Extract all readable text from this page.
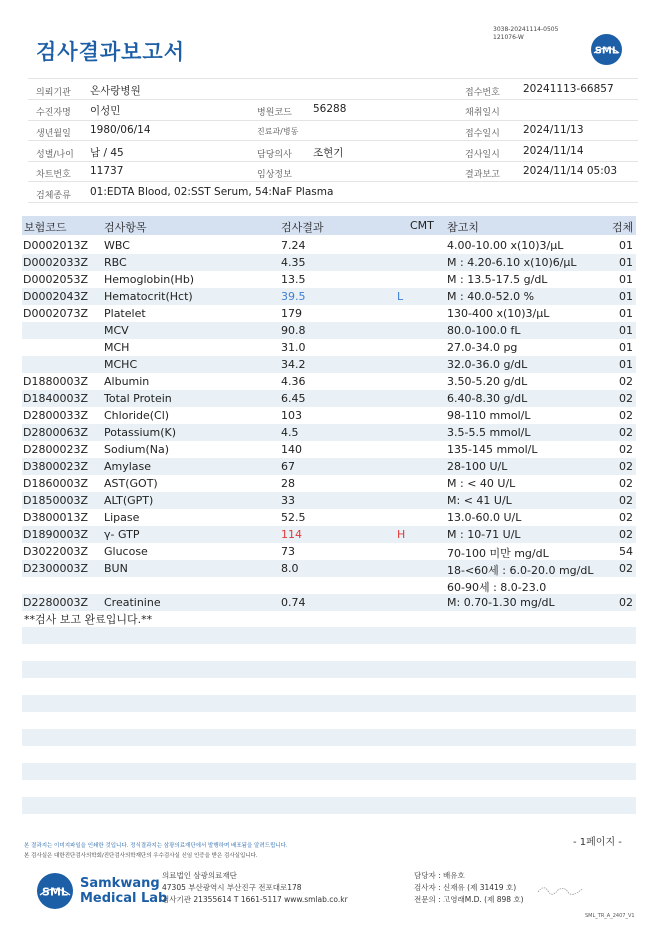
검사결과보고서
3038-20241114-0505
121076-W
SML
의뢰기관 온사랑병원	접수번호 20241113-66857
수진자명 이성민	병원코드 56288	채취일시
생년월일 1980/06/14	진료과/병동	접수일시 2024/11/13
성별/나이 남 / 45	담당의사 조현기	검사일시 2024/11/14
차트번호 11737	임상정보	결과보고 2024/11/14 05:03
검체종류 01:EDTA Blood, 02:SST Serum, 54:NaF Plasma
보험코드	검사항목	검사결과	CMT 참고치	검체
D0002013Z WBC	7.24	4.00-10.00 x(10)3/μL	01
D0002033Z RBC	4.35	M : 4.20-6.10 x(10)6/μL	01
D0002053Z Hemoglobin(Hb)	13.5	M : 13.5-17.5 g/dL	01
D0002043Z Hematocrit(Hct)	39.5	L	M : 40.0-52.0 %	01
D0002073Z Platelet	179	130-400 x(10)3/μL	01
MCV	90.8	80.0-100.0 fL	01
MCH	31.0	27.0-34.0 pg	01
MCHC	34.2	32.0-36.0 g/dL	01
D1880003Z Albumin	4.36	3.50-5.20 g/dL	02
D1840003Z Total Protein	6.45	6.40-8.30 g/dL	02
D2800033Z Chloride(Cl)	103	98-110 mmol/L	02
D2800063Z Potassium(K)	4.5	3.5-5.5 mmol/L	02
D2800023Z Sodium(Na)	140	135-145 mmol/L	02
D3800023Z Amylase	67	28-100 U/L	02
D1860003Z AST(GOT)	28	M : < 40 U/L	02
D1850003Z ALT(GPT)	33	M: < 41 U/L	02
D3800013Z Lipase	52.5	13.0-60.0 U/L	02
D1890003Z γ- GTP	114	H	M : 10-71 U/L	02
D3022003Z Glucose	73	70-100 미만 mg/dL	54
D2300003Z BUN	8.0	18-<60세 : 6.0-20.0 mg/dL 02
60-90세 : 8.0-23.0
D2280003Z Creatinine	0.74	M: 0.70-1.30 mg/dL	02
**검사 보고 완료입니다.**
- 1페이지 -
본 결과지는 이미지파일을 인쇄한 것입니다. 정식결과지는 삼광의료재단에서 발행하며 배포됨을 알려드립니다.
본 검사실은 대한진단검사의학회/진단검사의학재단의 우수검사실 신임 인증을 받은 검사실입니다.
SML
Samkwang
Medical Lab
의료법인 삼광의료재단
47305 부산광역시 부산진구 전포대로178
검사기관 21355614 T 1661-5117 www.smlab.co.kr
담당자 : 배유호
검사자 : 신재유 (제 31419 호)
전문의 : 고영래M.D. (제 898 호)
SML_TR_A_2407_V1
